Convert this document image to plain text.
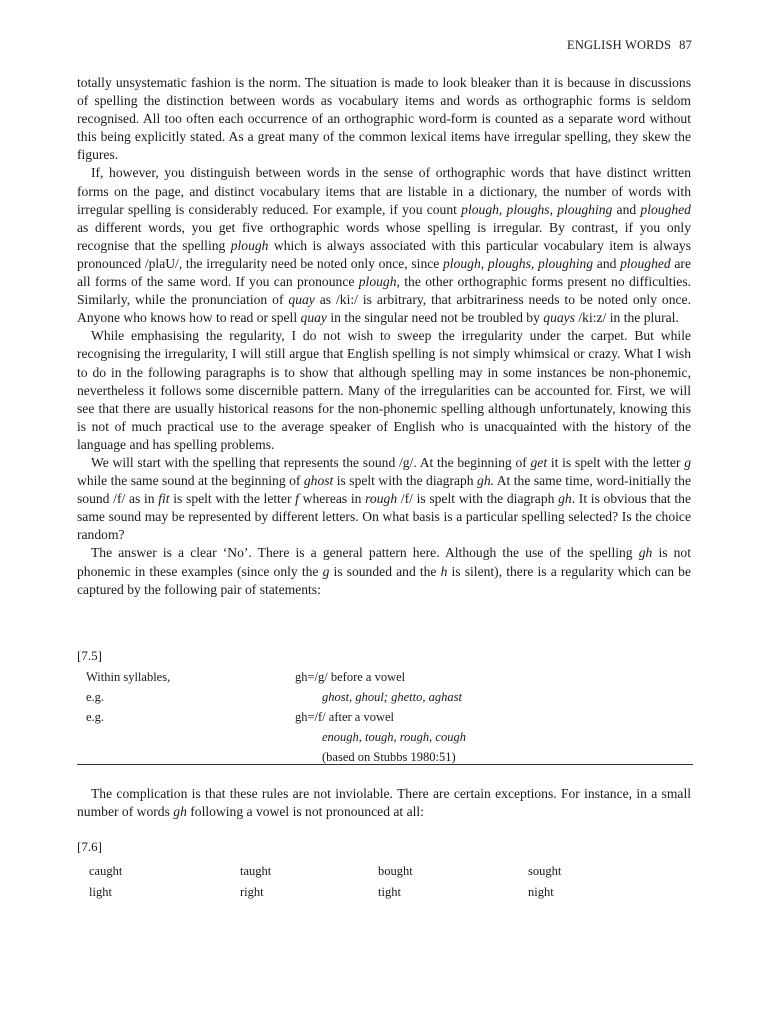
ENGLISH WORDS 87

totally unsystematic fashion is the norm. The situation is made to look bleaker than it is because in discussions of spelling the distinction between words as vocabulary items and words as orthographic forms is seldom recognised. All too often each occurrence of an orthographic word-form is counted as a separate word without this being explicitly stated. As a great many of the common lexical items have irregular spelling, they skew the figures.

If, however, you distinguish between words in the sense of orthographic words that have distinct written forms on the page, and distinct vocabulary items that are listable in a dictionary, the number of words with irregular spelling is considerably reduced. For example, if you count plough, ploughs, ploughing and ploughed as different words, you get five orthographic words whose spelling is irregular. By contrast, if you only recognise that the spelling plough which is always associated with this particular vocabulary item is always pronounced /plaU/, the irregularity need be noted only once, since plough, ploughs, ploughing and ploughed are all forms of the same word. If you can pronounce plough, the other orthographic forms present no difficulties. Similarly, while the pronunciation of quay as /ki:/ is arbitrary, that arbitrariness needs to be noted only once. Anyone who knows how to read or spell quay in the singular need not be troubled by quays /ki:z/ in the plural.

While emphasising the regularity, I do not wish to sweep the irregularity under the carpet. But while recognising the irregularity, I will still argue that English spelling is not simply whimsical or crazy. What I wish to do in the following paragraphs is to show that although spelling may in some instances be non-phonemic, nevertheless it follows some discernible pattern. Many of the irregularities can be accounted for. First, we will see that there are usually historical reasons for the non-phonemic spelling although unfortunately, knowing this is not of much practical use to the average speaker of English who is unacquainted with the history of the language and has spelling problems.

We will start with the spelling that represents the sound /g/. At the beginning of get it is spelt with the letter g while the same sound at the beginning of ghost is spelt with the diagraph gh. At the same time, word-initially the sound /f/ as in fit is spelt with the letter f whereas in rough /f/ is spelt with the diagraph gh. It is obvious that the same sound may be represented by different letters. On what basis is a particular spelling selected? Is the choice random?

The answer is a clear ‘No’. There is a general pattern here. Although the use of the spelling gh is not phonemic in these examples (since only the g is sounded and the h is silent), there is a regularity which can be captured by the following pair of statements:

[7.5]
Within syllables,	gh=/g/ before a vowel
e.g.	ghost, ghoul; ghetto, aghast
e.g.	gh=/f/ after a vowel
enough, tough, rough, cough
(based on Stubbs 1980:51)
The complication is that these rules are not inviolable. There are certain exceptions. For instance, in a small number of words gh following a vowel is not pronounced at all:
[7.6]
caught	taught	bought	sought
light	right	tight	night
